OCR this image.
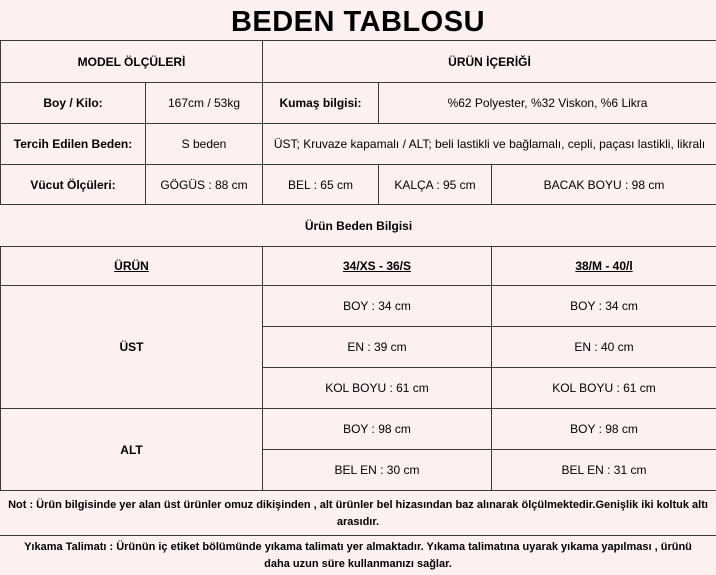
BEDEN TABLOSU
MODEL ÖLÇÜLERİ		ÜRÜN İÇERİĞİ		
Boy / Kilo:	167cm / 53kg	Kumaş bilgisi:	%62 Polyester, %32 Viskon, %6 Likra	
Tercih Edilen Beden:	S beden	ÜST; Kruvaze kapamalı / ALT; beli lastikli ve bağlamalı, cepli, paçası lastikli, likralı		
Vücut Ölçüleri:	GÖGÜS : 88 cm	BEL : 65 cm	KALÇA : 95 cm	BACAK BOYU : 98 cm
Ürün Beden Bilgisi				
ÜRÜN		34/XS - 36/S		38/M - 40/l
ÜST		BOY : 34 cm		BOY : 34 cm
		EN : 39 cm		EN : 40 cm
		KOL BOYU : 61 cm		KOL BOYU : 61 cm
ALT		BOY : 98 cm		BOY : 98 cm
		BEL EN : 30 cm		BEL EN : 31 cm
Not : Ürün bilgisinde yer alan üst ürünler omuz dikişinden , alt ürünler bel hizasından baz alınarak ölçülmektedir.Genişlik iki koltuk altı
arasıdır.
Yıkama Talimatı : Ürünün iç etiket bölümünde yıkama talimatı yer almaktadır. Yıkama talimatına uyarak yıkama yapılması , ürünü
daha uzun süre kullanmanızı sağlar.
